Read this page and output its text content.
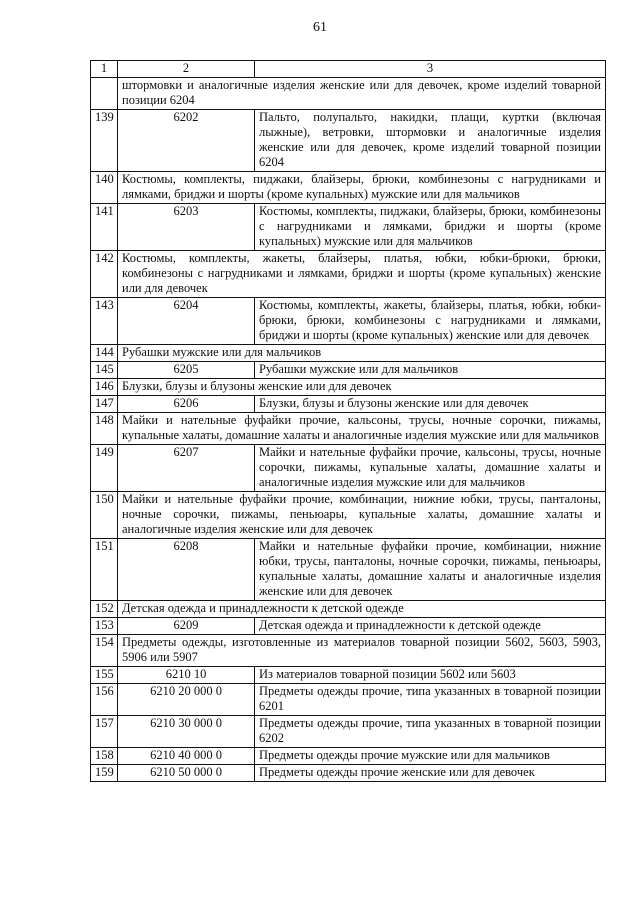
61
1	2	3
	штормовки и аналогичные изделия женские или для девочек, кроме изделий товарной позиции 6204	
139	6202	Пальто, полупальто, накидки, плащи, куртки (включая лыжные), ветровки, штормовки и аналогичные изделия женские или для девочек, кроме изделий товарной позиции 6204
140	Костюмы, комплекты, пиджаки, блайзеры, брюки, комбинезоны с нагрудниками и лямками, бриджи и шорты (кроме купальных) мужские или для мальчиков	
141	6203	Костюмы, комплекты, пиджаки, блайзеры, брюки, комбинезоны с нагрудниками и лямками, бриджи и шорты (кроме купальных) мужские или для мальчиков
142	Костюмы, комплекты, жакеты, блайзеры, платья, юбки, юбки-брюки, брюки, комбинезоны с нагрудниками и лямками, бриджи и шорты (кроме купальных) женские или для девочек	
143	6204	Костюмы, комплекты, жакеты, блайзеры, платья, юбки, юбки-брюки, брюки, комбинезоны с нагрудниками и лямками, бриджи и шорты (кроме купальных) женские или для девочек
144	Рубашки мужские или для мальчиков	
145	6205	Рубашки мужские или для мальчиков
146	Блузки, блузы и блузоны женские или для девочек	
147	6206	Блузки, блузы и блузоны женские или для девочек
148	Майки и нательные фуфайки прочие, кальсоны, трусы, ночные сорочки, пижамы, купальные халаты, домашние халаты и аналогичные изделия мужские или для мальчиков	
149	6207	Майки и нательные фуфайки прочие, кальсоны, трусы, ночные сорочки, пижамы, купальные халаты, домашние халаты и аналогичные изделия мужские или для мальчиков
150	Майки и нательные фуфайки прочие, комбинации, нижние юбки, трусы, панталоны, ночные сорочки, пижамы, пеньюары, купальные халаты, домашние халаты и аналогичные изделия женские или для девочек	
151	6208	Майки и нательные фуфайки прочие, комбинации, нижние юбки, трусы, панталоны, ночные сорочки, пижамы, пеньюары, купальные халаты, домашние халаты и аналогичные изделия женские или для девочек
152	Детская одежда и принадлежности к детской одежде	
153	6209	Детская одежда и принадлежности к детской одежде
154	Предметы одежды, изготовленные из материалов товарной позиции 5602, 5603, 5903, 5906 или 5907	
155	6210 10	Из материалов товарной позиции 5602 или 5603
156	6210 20 000 0	Предметы одежды прочие, типа указанных в товарной позиции 6201
157	6210 30 000 0	Предметы одежды прочие, типа указанных в товарной позиции 6202
158	6210 40 000 0	Предметы одежды прочие мужские или для мальчиков
159	6210 50 000 0	Предметы одежды прочие женские или для девочек
